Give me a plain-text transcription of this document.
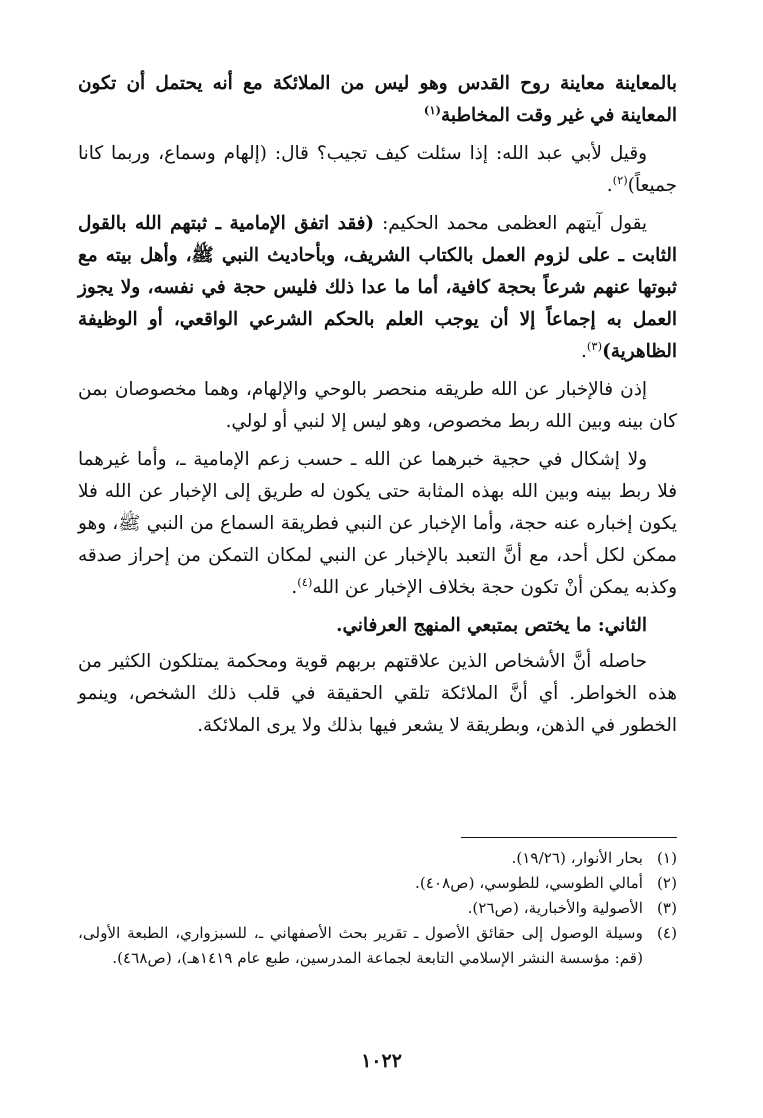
بالمعاينة معاينة روح القدس وهو ليس من الملائكة مع أنه يحتمل أن تكون المعاينة في غير وقت المخاطبة$^{(١)}$

وقيل لأبي عبد الله: إذا سئلت كيف تجيب؟ قال: (إلهام وسماع، وربما كانا جميعاً)$^{(٢)}$.

يقول آيتهم العظمى محمد الحكيم: (فقد اتفق الإمامية ـ ثبتهم الله بالقول الثابت ـ على لزوم العمل بالكتاب الشريف، وبأحاديث النبي ﷺ، وأهل بيته مع ثبوتها عنهم شرعاً بحجة كافية، أما ما عدا ذلك فليس حجة في نفسه، ولا يجوز العمل به إجماعاً إلا أن يوجب العلم بالحكم الشرعي الواقعي، أو الوظيفة الظاهرية)$^{(٣)}$.

إذن فالإخبار عن الله طريقه منحصر بالوحي والإلهام، وهما مخصوصان بمن كان بينه وبين الله ربط مخصوص، وهو ليس إلا لنبي أو لولي.

ولا إشكال في حجية خبرهما عن الله ـ حسب زعم الإمامية ـ، وأما غيرهما فلا ربط بينه وبين الله بهذه المثابة حتى يكون له طريق إلى الإخبار عن الله فلا يكون إخباره عنه حجة، وأما الإخبار عن النبي فطريقة السماع من النبي ﷺ، وهو ممكن لكل أحد، مع أنَّ التعبد بالإخبار عن النبي لمكان التمكن من إحراز صدقه وكذبه يمكن أنْ تكون حجة بخلاف الإخبار عن الله$^{(٤)}$.

الثاني: ما يختص بمتبعي المنهج العرفاني.

حاصله أنَّ الأشخاص الذين علاقتهم بربهم قوية ومحكمة يمتلكون الكثير من هذه الخواطر. أي أنَّ الملائكة تلقي الحقيقة في قلب ذلك الشخص، وينمو الخطور في الذهن، وبطريقة لا يشعر فيها بذلك ولا يرى الملائكة.

(١)
بحار الأنوار، (١٩/٢٦).
(٢)
أمالي الطوسي، للطوسي، (ص٤٠٨).
(٣)
الأصولية والأخبارية، (ص٢٦).
(٤)
وسيلة الوصول إلى حقائق الأصول ـ تقرير بحث الأصفهاني ـ، للسبزواري، الطبعة الأولى، (قم: مؤسسة النشر الإسلامي التابعة لجماعة المدرسين، طبع عام ١٤١٩هـ)، (ص٤٦٨).
١٠٢٢
